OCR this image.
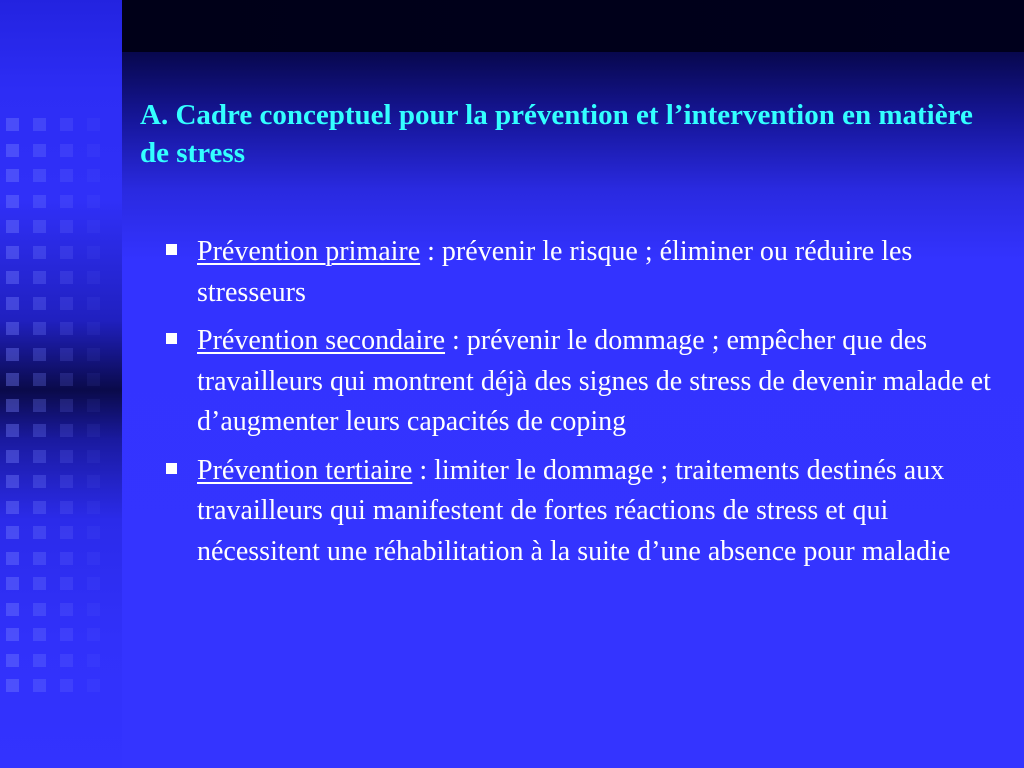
A. Cadre conceptuel pour la prévention et l’intervention en matière de stress
Prévention primaire : prévenir le risque ; éliminer ou réduire les stresseurs
Prévention secondaire : prévenir le dommage ; empêcher que des travailleurs qui montrent déjà des signes de stress de devenir malade et d’augmenter leurs capacités de coping
Prévention tertiaire : limiter le dommage ; traitements destinés aux travailleurs qui manifestent de fortes réactions de stress et qui nécessitent une réhabilitation à la suite d’une absence pour maladie
